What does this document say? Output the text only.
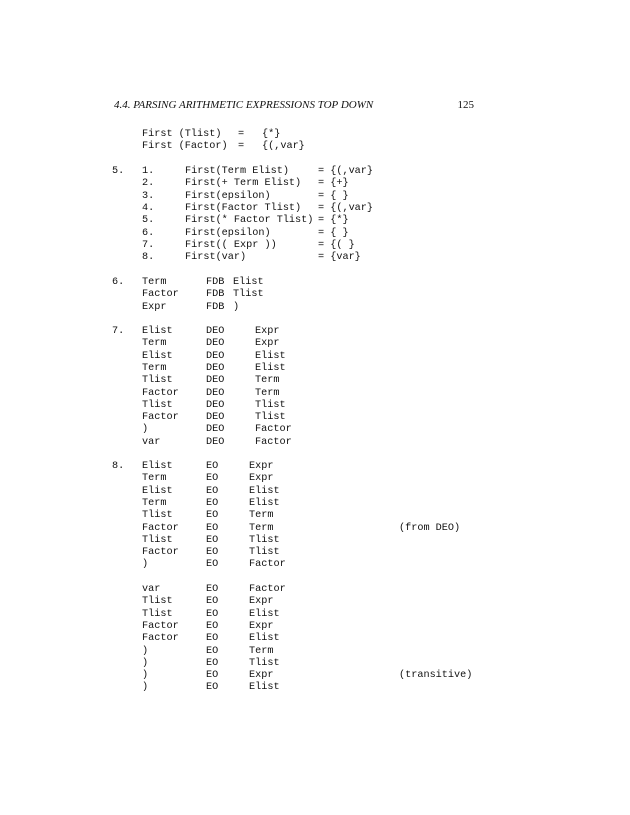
4.4. PARSING ARITHMETIC EXPRESSIONS TOP DOWN	125
First (Tlist) = {*}
First (Factor) = {(,var}
5. 1.	First(Term Elist)	= {(,var}
2.	First(+ Term Elist) = {+}
3.	First(epsilon)	= { }
4.	First(Factor Tlist) = {(,var}
5.	First(* Factor Tlist) = {*}
6.	First(epsilon)	= { }
7.	First(( Expr ))	= {( }
8.	First(var)	= {var}
6. Term	FDB Elist
Factor	FDB Tlist
Expr	FDB )
7. Elist	DEO	Expr
Term	DEO	Expr
Elist	DEO	Elist
Term	DEO	Elist
Tlist	DEO	Term
Factor	DEO	Term
Tlist	DEO	Tlist
Factor	DEO	Tlist
)	DEO	Factor
var	DEO	Factor
8. Elist	EO	Expr
Term	EO	Expr
Elist	EO	Elist
Term	EO	Elist
Tlist	EO	Term
Factor	EO	Term	(from DEO)
Tlist	EO	Tlist
Factor	EO	Tlist
)	EO	Factor
var	EO	Factor
Tlist	EO	Expr
Tlist	EO	Elist
Factor	EO	Expr
Factor	EO	Elist
)	EO	Term
)	EO	Tlist
)	EO	Expr	(transitive)
)	EO	Elist
